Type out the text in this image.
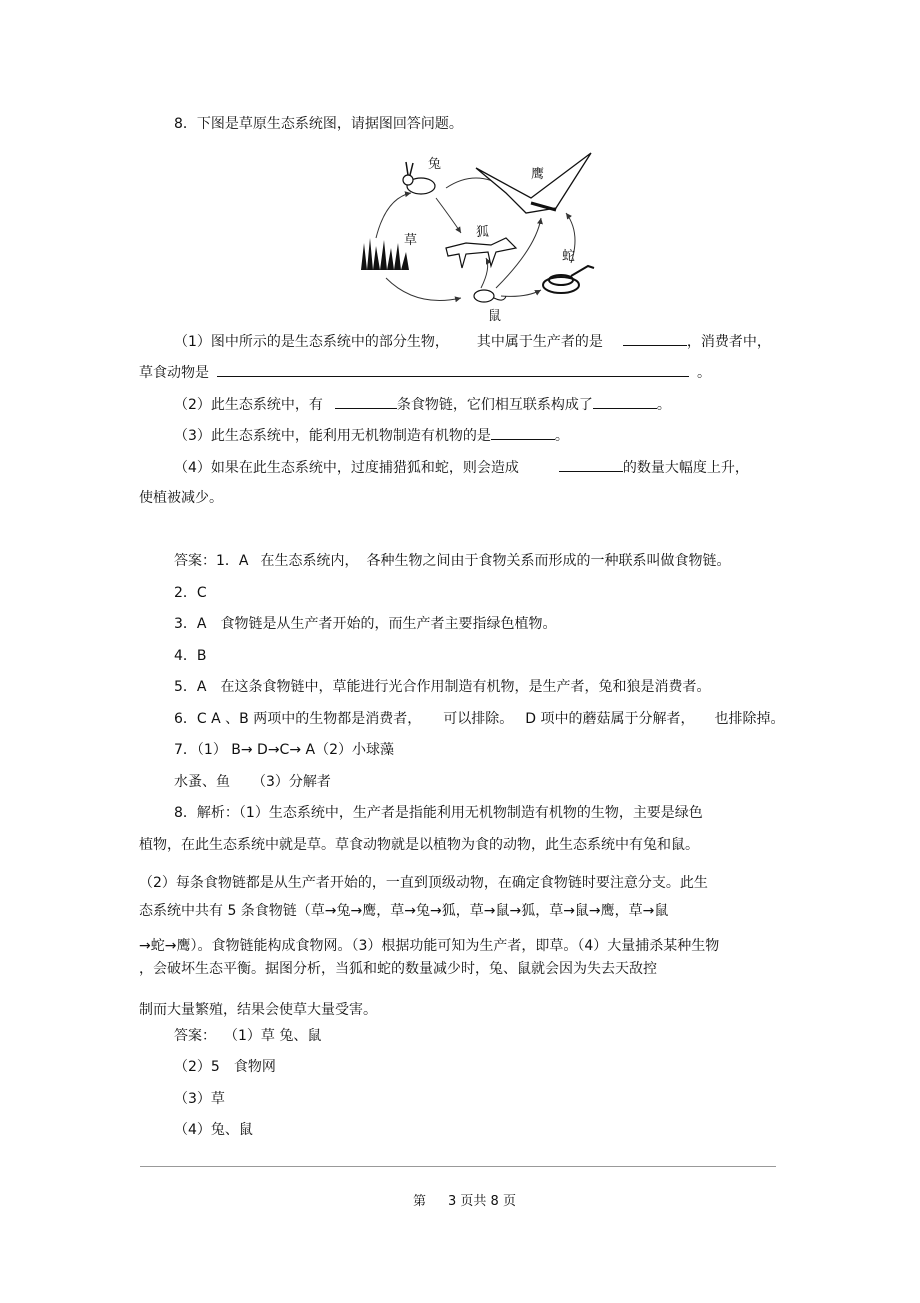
8．下图是草原生态系统图，请据图回答问题。
兔
鹰
草
狐
蛇
鼠
（1）图中所示的是生态系统中的部分生物， 其中属于生产者的是	，消费者中，
草食动物是	。
（2）此生态系统中，有	条食物链，它们相互联系构成了	。
（3）此生态系统中，能利用无机物制造有机物的是	。
（4）如果在此生态系统中，过度捕猎狐和蛇，则会造成	的数量大幅度上升，
使植被减少。
答案：1．A 在生态系统内， 各种生物之间由于食物关系而形成的一种联系叫做食物链。
2．C
3．A　食物链是从生产者开始的，而生产者主要指绿色植物。
4．B
5．A　在这条食物链中，草能进行光合作用制造有机物，是生产者，兔和狼是消费者。
6．C A 、B 两项中的生物都是消费者， 可以排除。 D 项中的蘑菇属于分解者， 也排除掉。
7．（1） B→ D→C→ A（2）小球藻
水蚤、鱼 （3）分解者
8．解析：（1）生态系统中，生产者是指能利用无机物制造有机物的生物，主要是绿色
植物，在此生态系统中就是草。草食动物就是以植物为食的动物，此生态系统中有兔和鼠。
（2）每条食物链都是从生产者开始的，一直到顶级动物，在确定食物链时要注意分支。此生
态系统中共有 5 条食物链（草→兔→鹰，草→兔→狐，草→鼠→狐，草→鼠→鹰，草→鼠
→蛇→鹰）。食物链能构成食物网。（3）根据功能可知为生产者，即草。（4）大量捕杀某种生物
，会破坏生态平衡。据图分析，当狐和蛇的数量减少时，兔、鼠就会因为失去天敌控
制而大量繁殖，结果会使草大量受害。
答案： （1）草 兔、鼠
（2）5　食物网
（3）草
（4）兔、鼠
第 3 页共 8 页
